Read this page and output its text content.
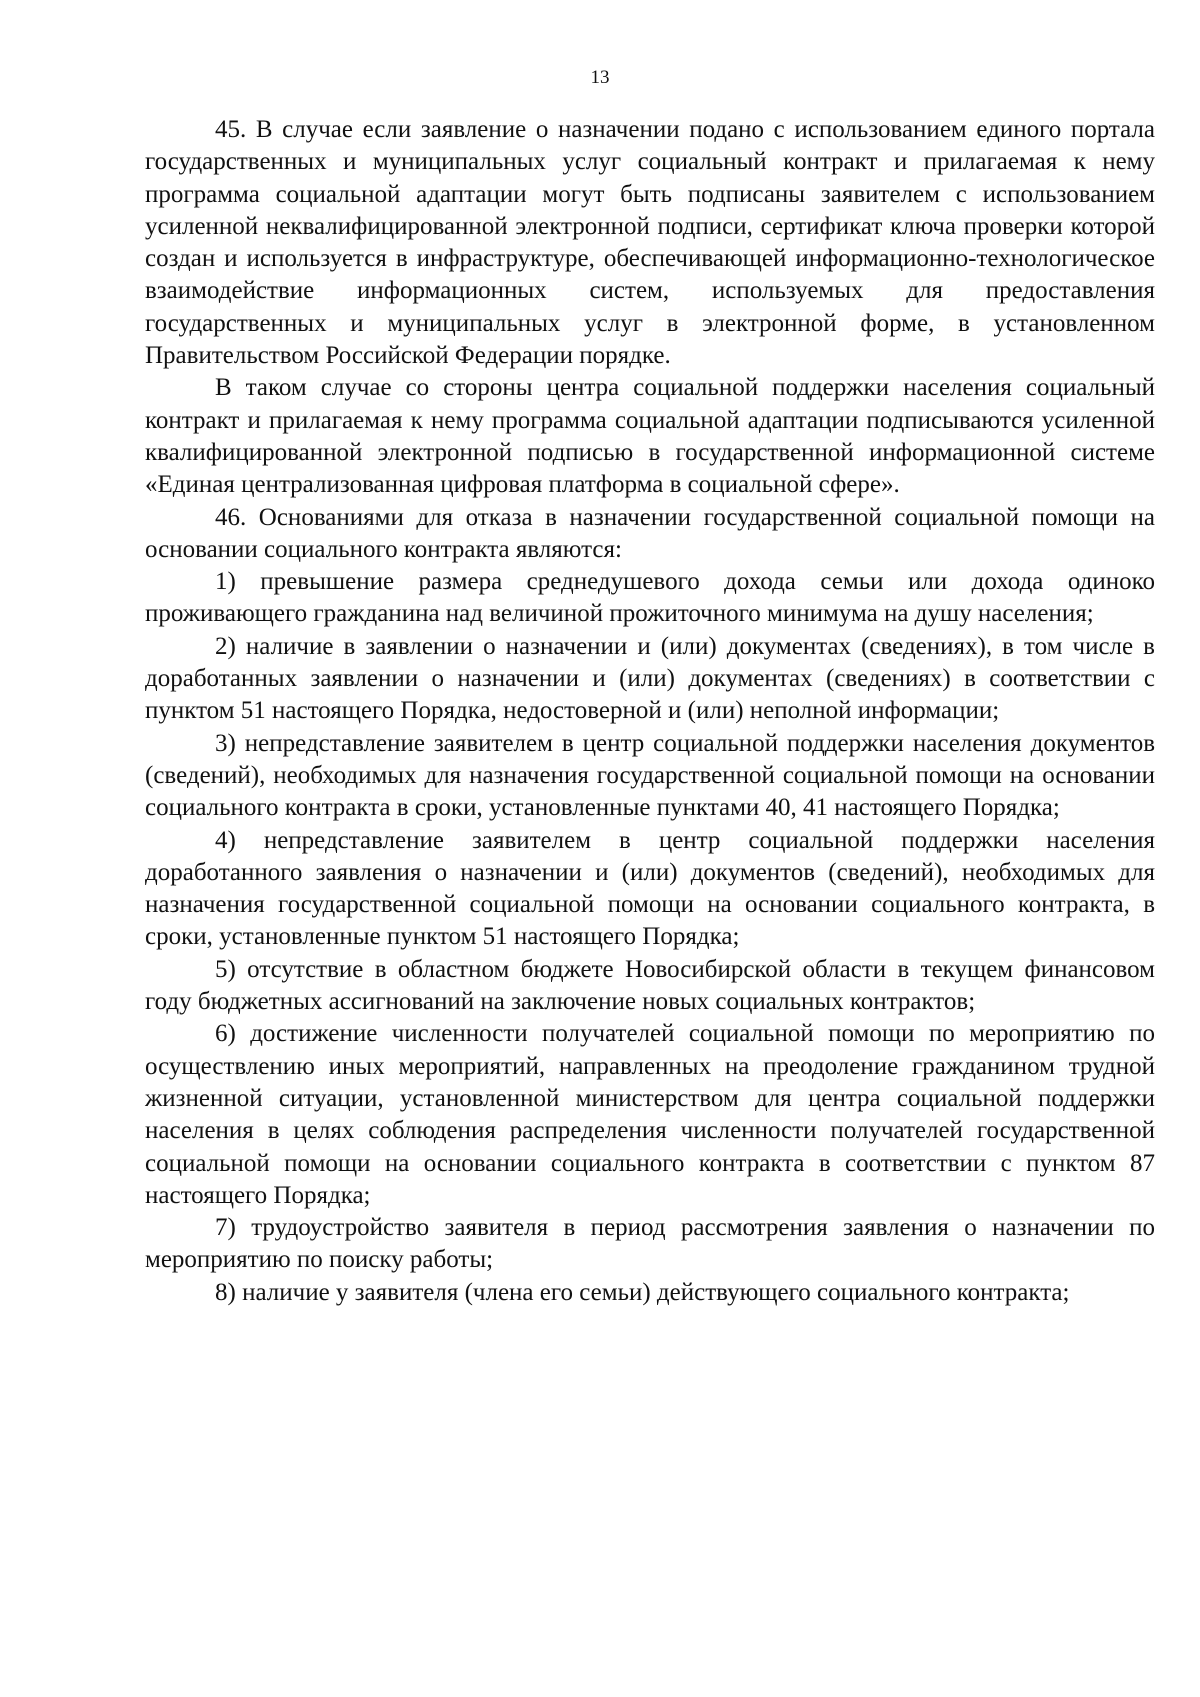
13

45. В случае если заявление о назначении подано с использованием единого портала государственных и муниципальных услуг социальный контракт и прилагаемая к нему программа социальной адаптации могут быть подписаны заявителем с использованием усиленной неквалифицированной электронной подписи, сертификат ключа проверки которой создан и используется в инфраструктуре, обеспечивающей информационно-технологическое взаимодействие информационных систем, используемых для предоставления государственных и муниципальных услуг в электронной форме, в установленном Правительством Российской Федерации порядке.

В таком случае со стороны центра социальной поддержки населения социальный контракт и прилагаемая к нему программа социальной адаптации подписываются усиленной квалифицированной электронной подписью в государственной информационной системе «Единая централизованная цифровая платформа в социальной сфере».

46. Основаниями для отказа в назначении государственной социальной помощи на основании социального контракта являются:

1) превышение размера среднедушевого дохода семьи или дохода одиноко проживающего гражданина над величиной прожиточного минимума на душу населения;

2) наличие в заявлении о назначении и (или) документах (сведениях), в том числе в доработанных заявлении о назначении и (или) документах (сведениях) в соответствии с пунктом 51 настоящего Порядка, недостоверной и (или) неполной информации;

3) непредставление заявителем в центр социальной поддержки населения документов (сведений), необходимых для назначения государственной социальной помощи на основании социального контракта в сроки, установленные пунктами 40, 41 настоящего Порядка;

4) непредставление заявителем в центр социальной поддержки населения доработанного заявления о назначении и (или) документов (сведений), необходимых для назначения государственной социальной помощи на основании социального контракта, в сроки, установленные пунктом 51 настоящего Порядка;

5) отсутствие в областном бюджете Новосибирской области в текущем финансовом году бюджетных ассигнований на заключение новых социальных контрактов;

6) достижение численности получателей социальной помощи по мероприятию по осуществлению иных мероприятий, направленных на преодоление гражданином трудной жизненной ситуации, установленной министерством для центра социальной поддержки населения в целях соблюдения распределения численности получателей государственной социальной помощи на основании социального контракта в соответствии с пунктом 87 настоящего Порядка;

7) трудоустройство заявителя в период рассмотрения заявления о назначении по мероприятию по поиску работы;

8) наличие у заявителя (члена его семьи) действующего социального контракта;
